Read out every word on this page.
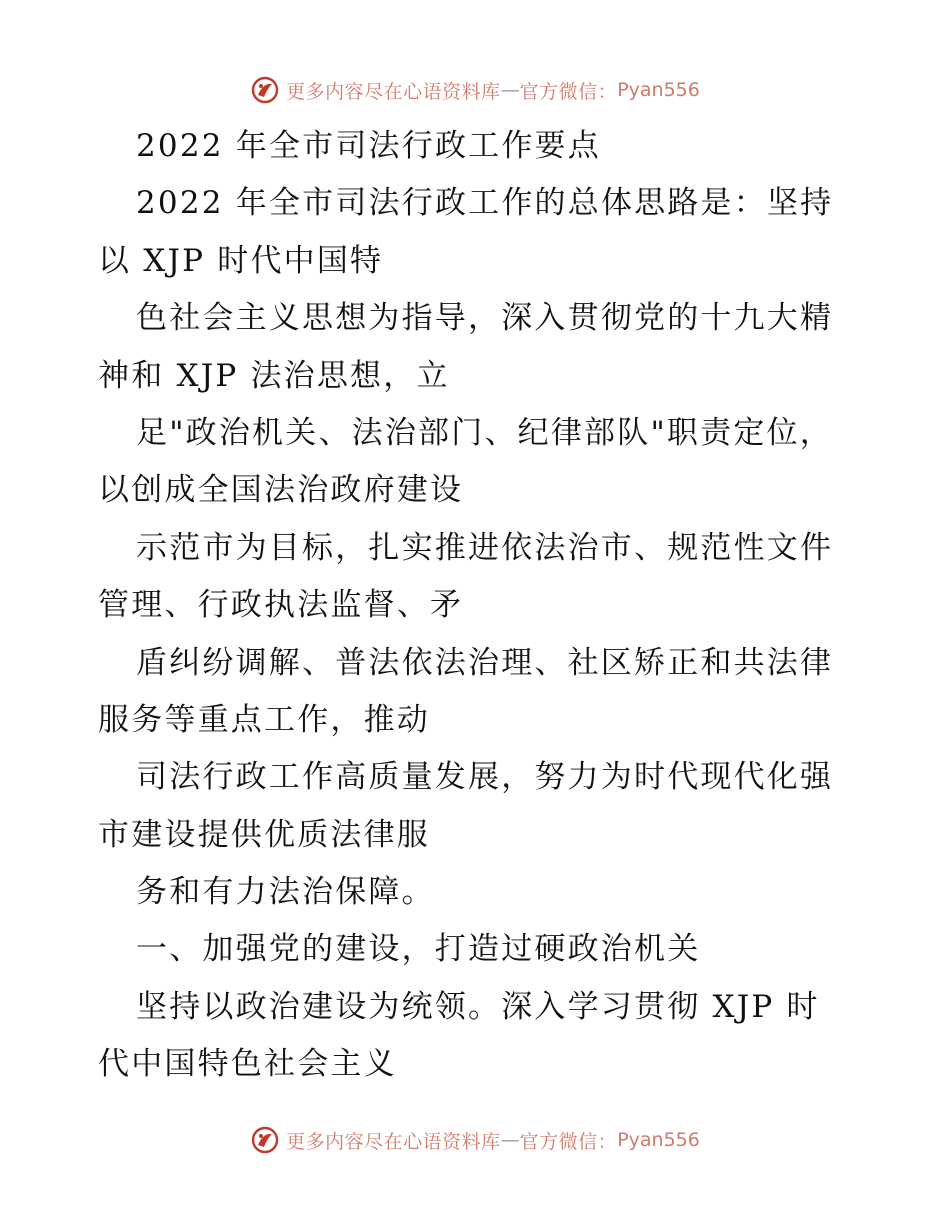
更多内容尽在心语资料库 — 官方微信： Pyan556
2022 年全市司法行政工作要点
2022 年全市司法行政工作的总体思路是：坚持
以 XJP 时代中国特
色社会主义思想为指导，深入贯彻党的十九大精
神和 XJP 法治思想，立
足"政治机关、法治部门、纪律部队"职责定位，
以创成全国法治政府建设
示范市为目标，扎实推进依法治市、规范性文件
管理、行政执法监督、矛
盾纠纷调解、普法依法治理、社区矫正和共法律
服务等重点工作，推动
司法行政工作高质量发展，努力为时代现代化强
市建设提供优质法律服
务和有力法治保障。
一、加强党的建设，打造过硬政治机关
坚持以政治建设为统领。深入学习贯彻 XJP 时
代中国特色社会主义
更多内容尽在心语资料库 — 官方微信： Pyan556
